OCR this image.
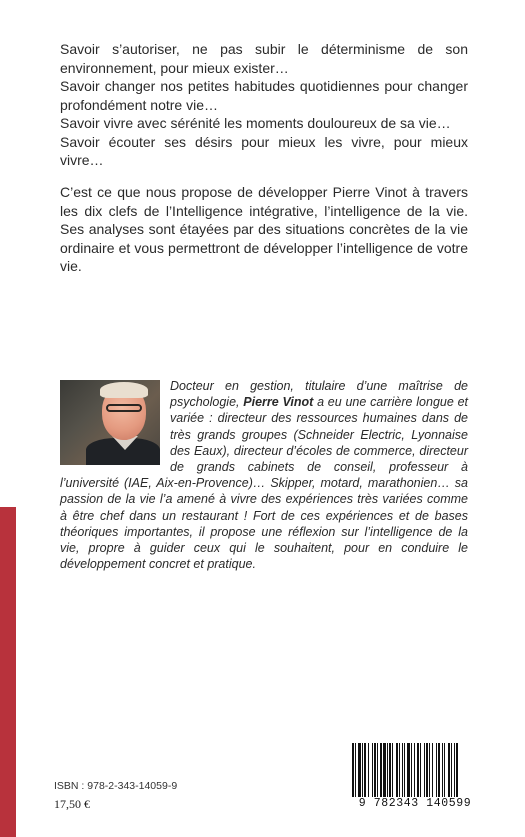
Savoir s’autoriser, ne pas subir le déterminisme de son environnement, pour mieux exister…

Savoir changer nos petites habitudes quotidiennes pour changer profondément notre vie…

Savoir vivre avec sérénité les moments douloureux de sa vie…

Savoir écouter ses désirs pour mieux les vivre, pour mieux vivre…

C’est ce que nous propose de développer Pierre Vinot à travers les dix clefs de l’Intelligence intégrative, l’intelligence de la vie. Ses analyses sont étayées par des situations concrètes de la vie ordinaire et vous permettront de développer l’intelligence de votre vie.

Docteur en gestion, titulaire d’une maîtrise de psychologie, Pierre Vinot a eu une carrière longue et variée : directeur des ressources humaines dans de très grands groupes (Schneider Electric, Lyonnaise des Eaux), directeur d’écoles de commerce, directeur de grands cabinets de conseil, professeur à l’université (IAE, Aix-en-Provence)… Skipper, motard, marathonien… sa passion de la vie l’a amené à vivre des expériences très variées comme à être chef dans un restaurant ! Fort de ces expériences et de bases théoriques importantes, il propose une réflexion sur l’intelligence de la vie, propre à guider ceux qui le souhaitent, pour en conduire le développement concret et pratique.

ISBN : 978-2-343-14059-9

17,50 €	9 782343 140599
